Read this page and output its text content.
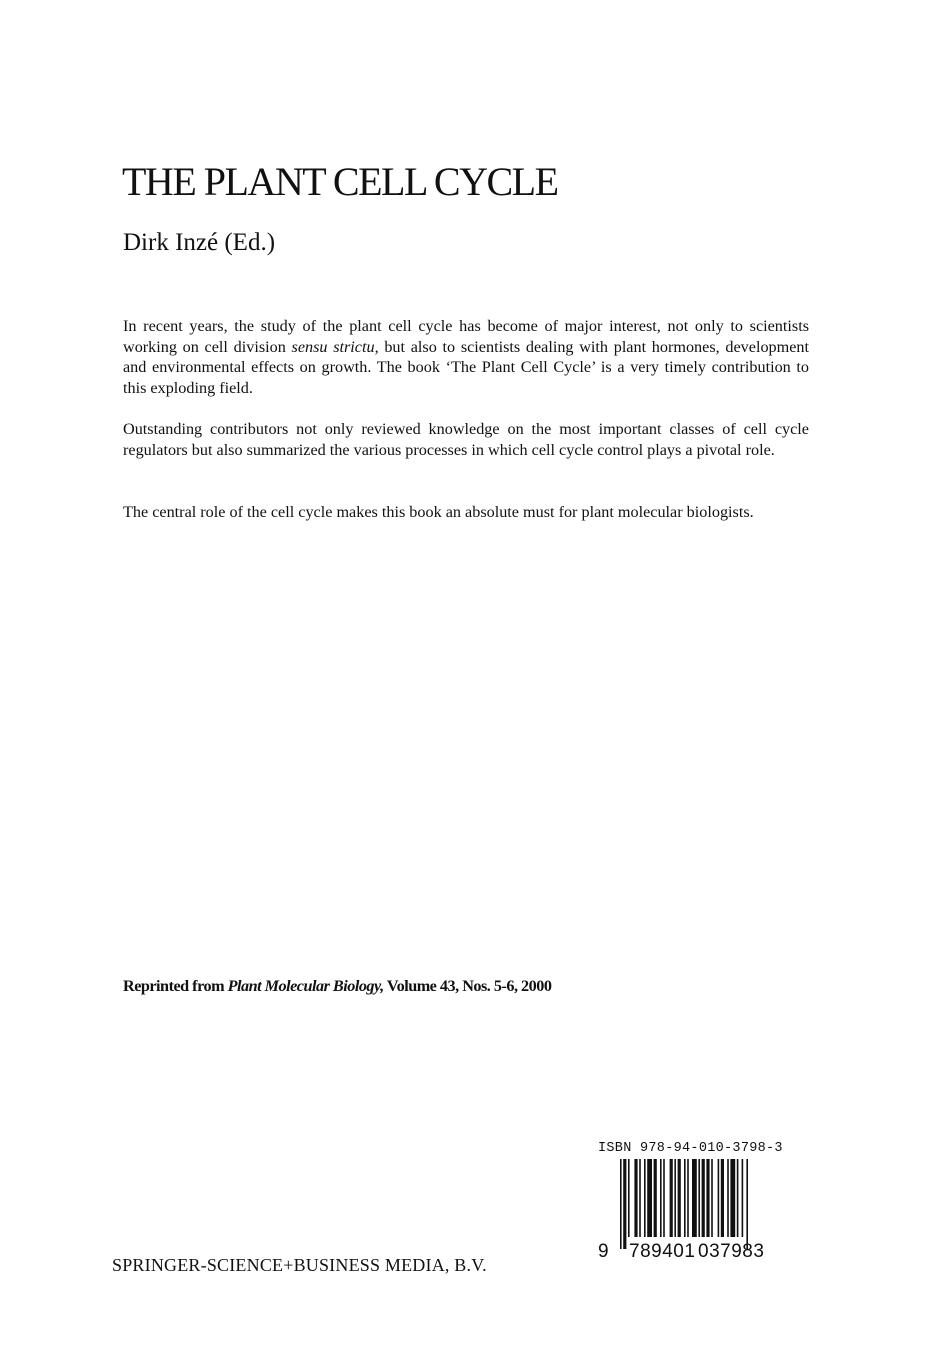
THE PLANT CELL CYCLE
Dirk Inzé (Ed.)

In recent years, the study of the plant cell cycle has become of major interest, not only to scientists working on cell division sensu strictu, but also to scientists dealing with plant hormones, development and environmental effects on growth. The book ‘The Plant Cell Cycle’ is a very timely contribution to this exploding field.

Outstanding contributors not only reviewed knowledge on the most important classes of cell cycle regulators but also summarized the various processes in which cell cycle control plays a pivotal role.

The central role of the cell cycle makes this book an absolute must for plant molecular biologists.

Reprinted from Plant Molecular Biology, Volume 43, Nos. 5-6, 2000
ISBN 978-94-010-3798-3
9 789401 037983
SPRINGER-SCIENCE+BUSINESS MEDIA, B.V.
